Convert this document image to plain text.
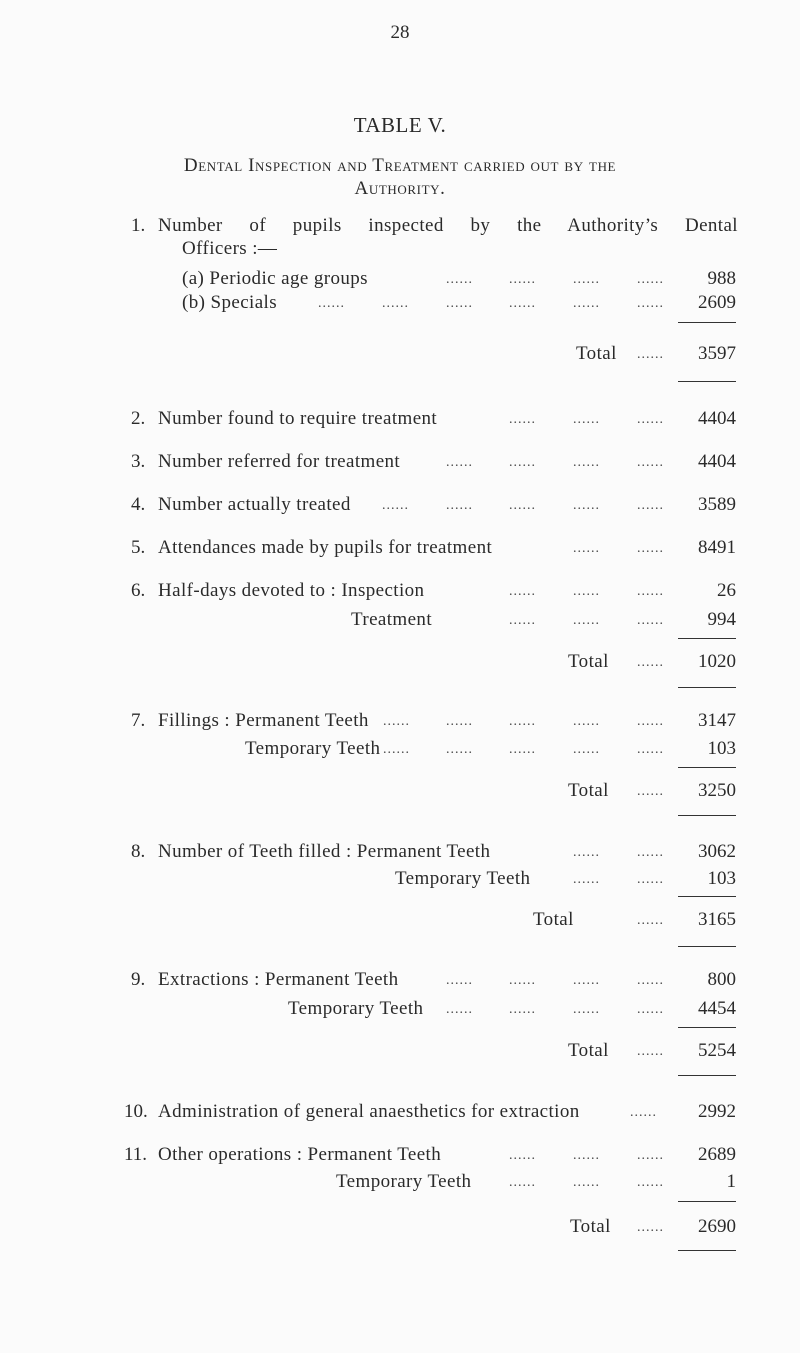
28
TABLE V.
Dental Inspection and Treatment carried out by the
Authority.
1. Number of pupils inspected by the Authority’s Dental
Officers :—
(a) Periodic age groups	......	......	......	...... 988
(b) Specials	......	......	......	......	......	...... 2609
Total ...... 3597
2. Number found to require treatment	......	......	...... 4404
3. Number referred for treatment	......	......	......	...... 4404
4. Number actually treated ......	......	......	......	...... 3589
5. Attendances made by pupils for treatment	......	...... 8491
6. Half-days devoted to : Inspection	......	......	......	26
Treatment	......	......	...... 994
Total ...... 1020
7. Fillings : Permanent Teeth ......	......	......	......	...... 3147
Temporary Teeth ......	......	......	......	...... 103
Total ...... 3250
8. Number of Teeth filled : Permanent Teeth	......	...... 3062
Temporary Teeth	......	...... 103
Total	...... 3165
9. Extractions : Permanent Teeth	......	......	......	...... 800
Temporary Teeth ......	......	......	...... 4454
Total ...... 5254
10. Administration of general anaesthetics for extraction	...... 2992
11. Other operations : Permanent Teeth	......	......	...... 2689
Temporary Teeth	......	......	......	1
Total ...... 2690
